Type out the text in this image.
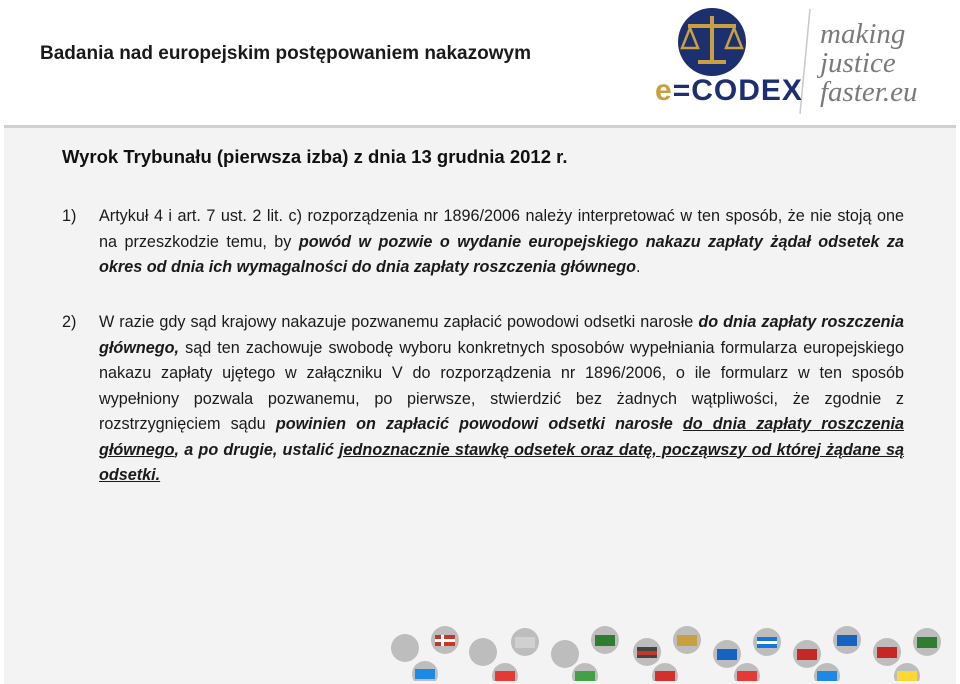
Badania nad europejskim postępowaniem nakazowym
e=CODEX
making
justice
faster.eu
Wyrok Trybunału (pierwsza izba) z dnia 13 grudnia 2012 r.
1) Artykuł 4 i art. 7 ust. 2 lit. c) rozporządzenia nr 1896/2006 należy interpretować w ten sposób, że nie stoją one na przeszkodzie temu, by powód w pozwie o wydanie europejskiego nakazu zapłaty żądał odsetek za okres od dnia ich wymagalności do dnia zapłaty roszczenia głównego.
2) W razie gdy sąd krajowy nakazuje pozwanemu zapłacić powodowi odsetki narosłe do dnia zapłaty roszczenia głównego, sąd ten zachowuje swobodę wyboru konkretnych sposobów wypełniania formularza europejskiego nakazu zapłaty ujętego w załączniku V do rozporządzenia nr 1896/2006, o ile formularz w ten sposób wypełniony pozwala pozwanemu, po pierwsze, stwierdzić bez żadnych wątpliwości, że zgodnie z rozstrzygnięciem sądu powinien on zapłacić powodowi odsetki narosłe do dnia zapłaty roszczenia głównego, a po drugie, ustalić jednoznacznie stawkę odsetek oraz datę, począwszy od której żądane są odsetki.
